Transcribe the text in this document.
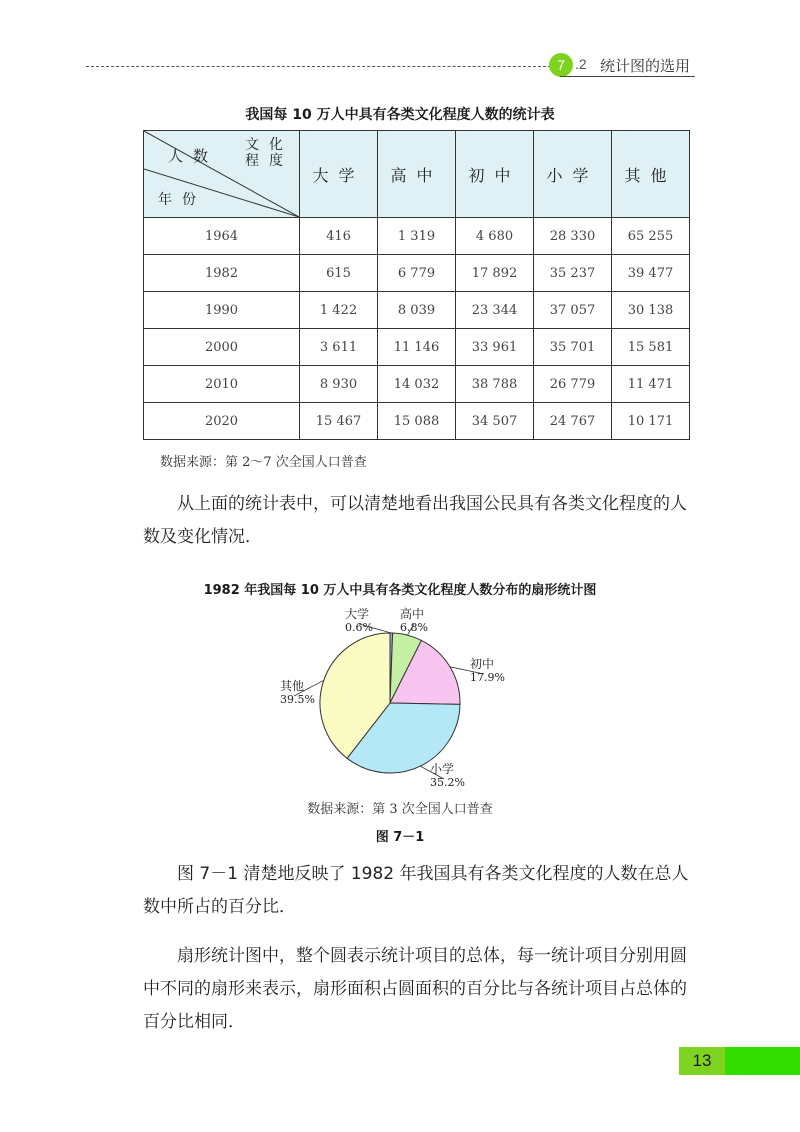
7 .2 统计图的选用
我国每 10 万人中具有各类文化程度人数的统计表
文化
程度
人数
年份	大学	高中	初中	小学	其他
1964	416	1 319	4 680	28 330	65 255
1982	615	6 779	17 892	35 237	39 477
1990	1 422	8 039	23 344	37 057	30 138
2000	3 611	11 146	33 961	35 701	15 581
2010	8 930	14 032	38 788	26 779	11 471
2020	15 467	15 088	34 507	24 767	10 171
数据来源：第 2～7 次全国人口普查
从上面的统计表中，可以清楚地看出我国公民具有各类文化程度的人数及变化情况．
1982 年我国每 10 万人中具有各类文化程度人数分布的扇形统计图
大学
0.6%
高中
6.8%
初中
17.9%
小学
35.2%
其他
39.5%
数据来源：第 3 次全国人口普查
图 7－1
图 7－1 清楚地反映了 1982 年我国具有各类文化程度的人数在总人数中所占的百分比．
扇形统计图中，整个圆表示统计项目的总体，每一统计项目分别用圆中不同的扇形来表示，扇形面积占圆面积的百分比与各统计项目占总体的百分比相同．
13
